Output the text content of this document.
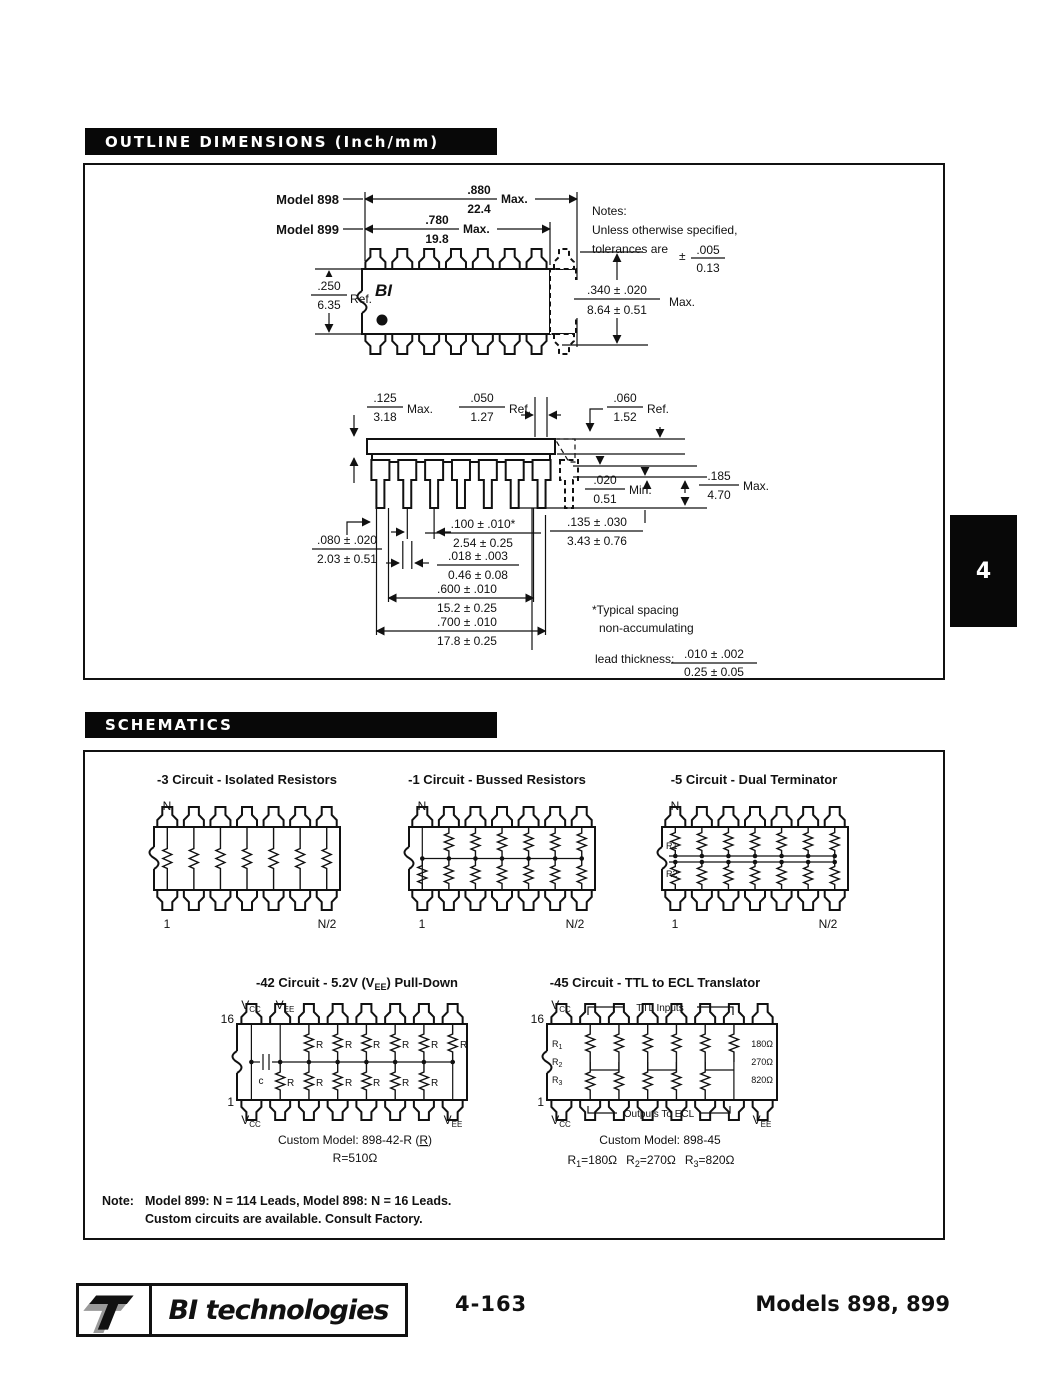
OUTLINE DIMENSIONS (Inch/mm)
BI
.880
22.4
Max.
Model 898
.780
19.8
Max.
Model 899
Notes:
Unless otherwise specified,
tolerances are ± .005
0.13
.250
6.35 Ref.
.340 ± .020
8.64 ± 0.51
Max.
.125
3.18
Max.
.050
1.27
Ref.
.060
1.52
Ref.
.020
0.51
Min.
.185
4.70
Max.
.100 ± .010*
2.54 ± 0.25
.018 ± .003
0.46 ± 0.08
.080 ± .020
2.03 ± 0.51
.600 ± .010
15.2 ± 0.25
.700 ± .010
17.8 ± 0.25
.135 ± .030
3.43 ± 0.76
*Typical spacing
non-accumulating
lead thickness: .010 ± .002
0.25 ± 0.05
4
SCHEMATICS
-3 Circuit - Isolated Resistors
N
1	N/2
-1 Circuit - Bussed Resistors
N
1	N/2
-5 Circuit - Dual Terminator
R1
R2
N
1	N/2
-42 Circuit - 5.2V $(V_{EE})$ Pull-Down
16
$V_{CC}$ $V_{EE}$
c
R R R R R R
R R R R R R
1
$V_{CC}$	$V_{EE}$
Custom Model: 898-42-R (R)
R=510Ω
-45 Circuit - TTL to ECL Translator
16
$V_{CC}$	TTL Inputs
$R_1$
$R_2$
$R_3$
180Ω
270Ω
820Ω
1
$V_{CC}$
Outputs To ECL	$V_{EE}$
Custom Model: 898-45
$R_1=180\Omega$ $R_2=270\Omega$ $R_3=820\Omega$
Note: Model 899: N = 114 Leads, Model 898: N = 16 Leads.
Custom circuits are available. Consult Factory.
BI technologies	4-163	Models 898, 899
